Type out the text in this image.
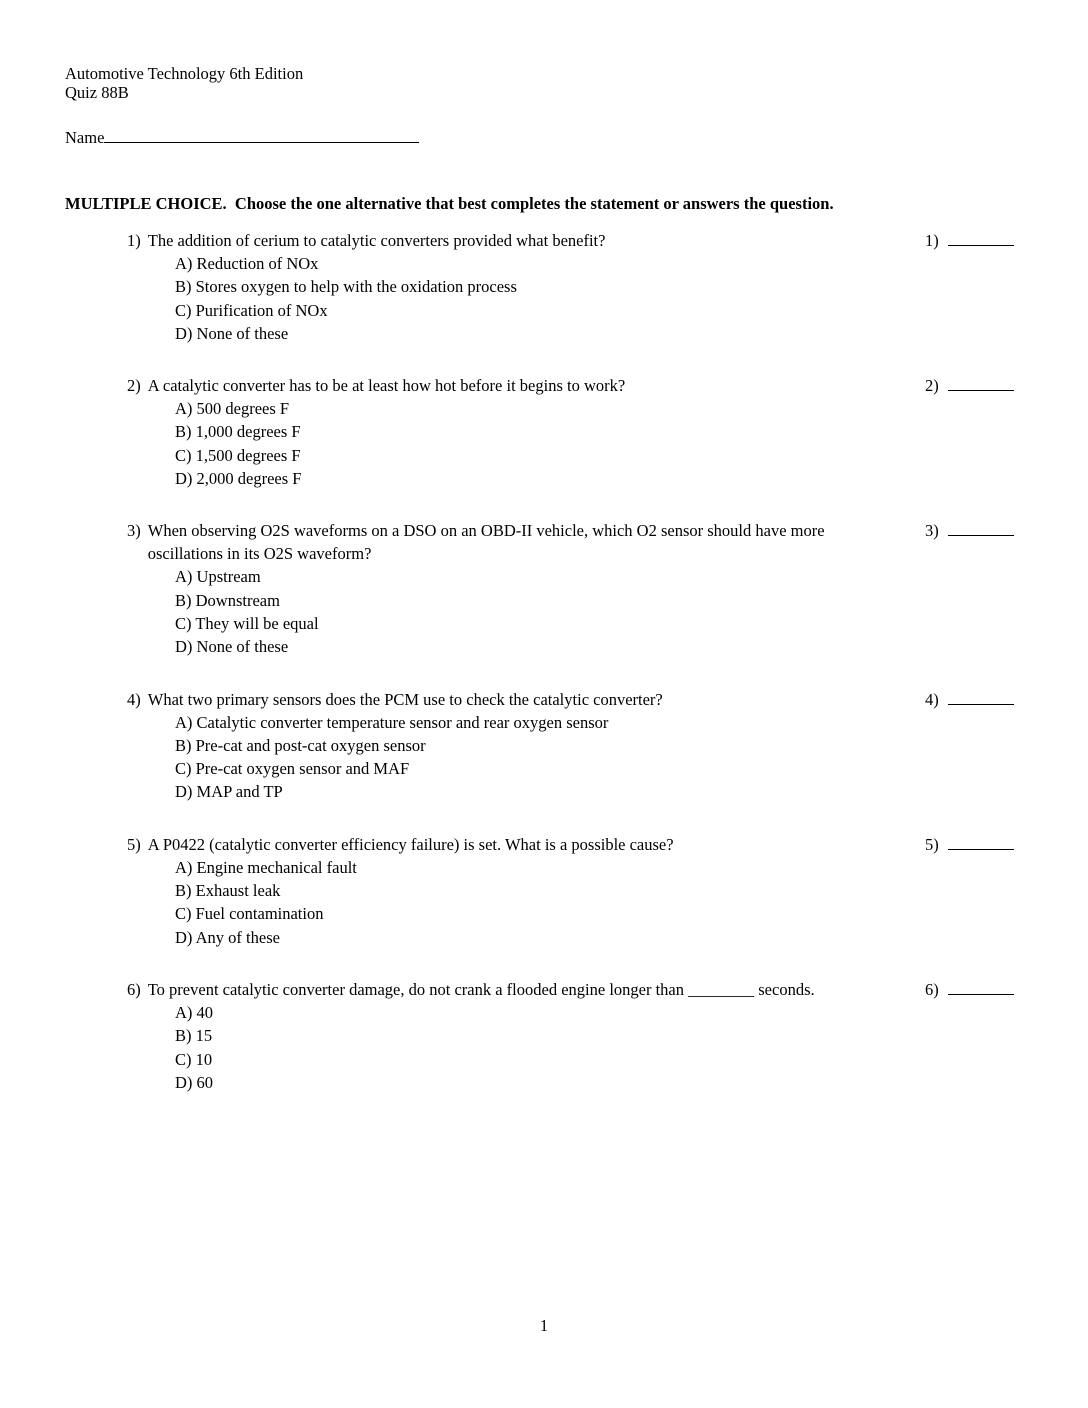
Automotive Technology 6th Edition
Quiz 88B
Name
MULTIPLE CHOICE.  Choose the one alternative that best completes the statement or answers the question.
1) The addition of cerium to catalytic converters provided what benefit?
A) Reduction of NOx
B) Stores oxygen to help with the oxidation process
C) Purification of NOx
D) None of these
1)
2) A catalytic converter has to be at least how hot before it begins to work?
A) 500 degrees F
B) 1,000 degrees F
C) 1,500 degrees F
D) 2,000 degrees F
2)
3) When observing O2S waveforms on a DSO on an OBD-II vehicle, which O2 sensor should have more oscillations in its O2S waveform?
A) Upstream
B) Downstream
C) They will be equal
D) None of these
3)
4) What two primary sensors does the PCM use to check the catalytic converter?
A) Catalytic converter temperature sensor and rear oxygen sensor
B) Pre-cat and post-cat oxygen sensor
C) Pre-cat oxygen sensor and MAF
D) MAP and TP
4)
5) A P0422 (catalytic converter efficiency failure) is set. What is a possible cause?
A) Engine mechanical fault
B) Exhaust leak
C) Fuel contamination
D) Any of these
5)
6) To prevent catalytic converter damage, do not crank a flooded engine longer than ________ seconds.
A) 40
B) 15
C) 10
D) 60
6)
1
